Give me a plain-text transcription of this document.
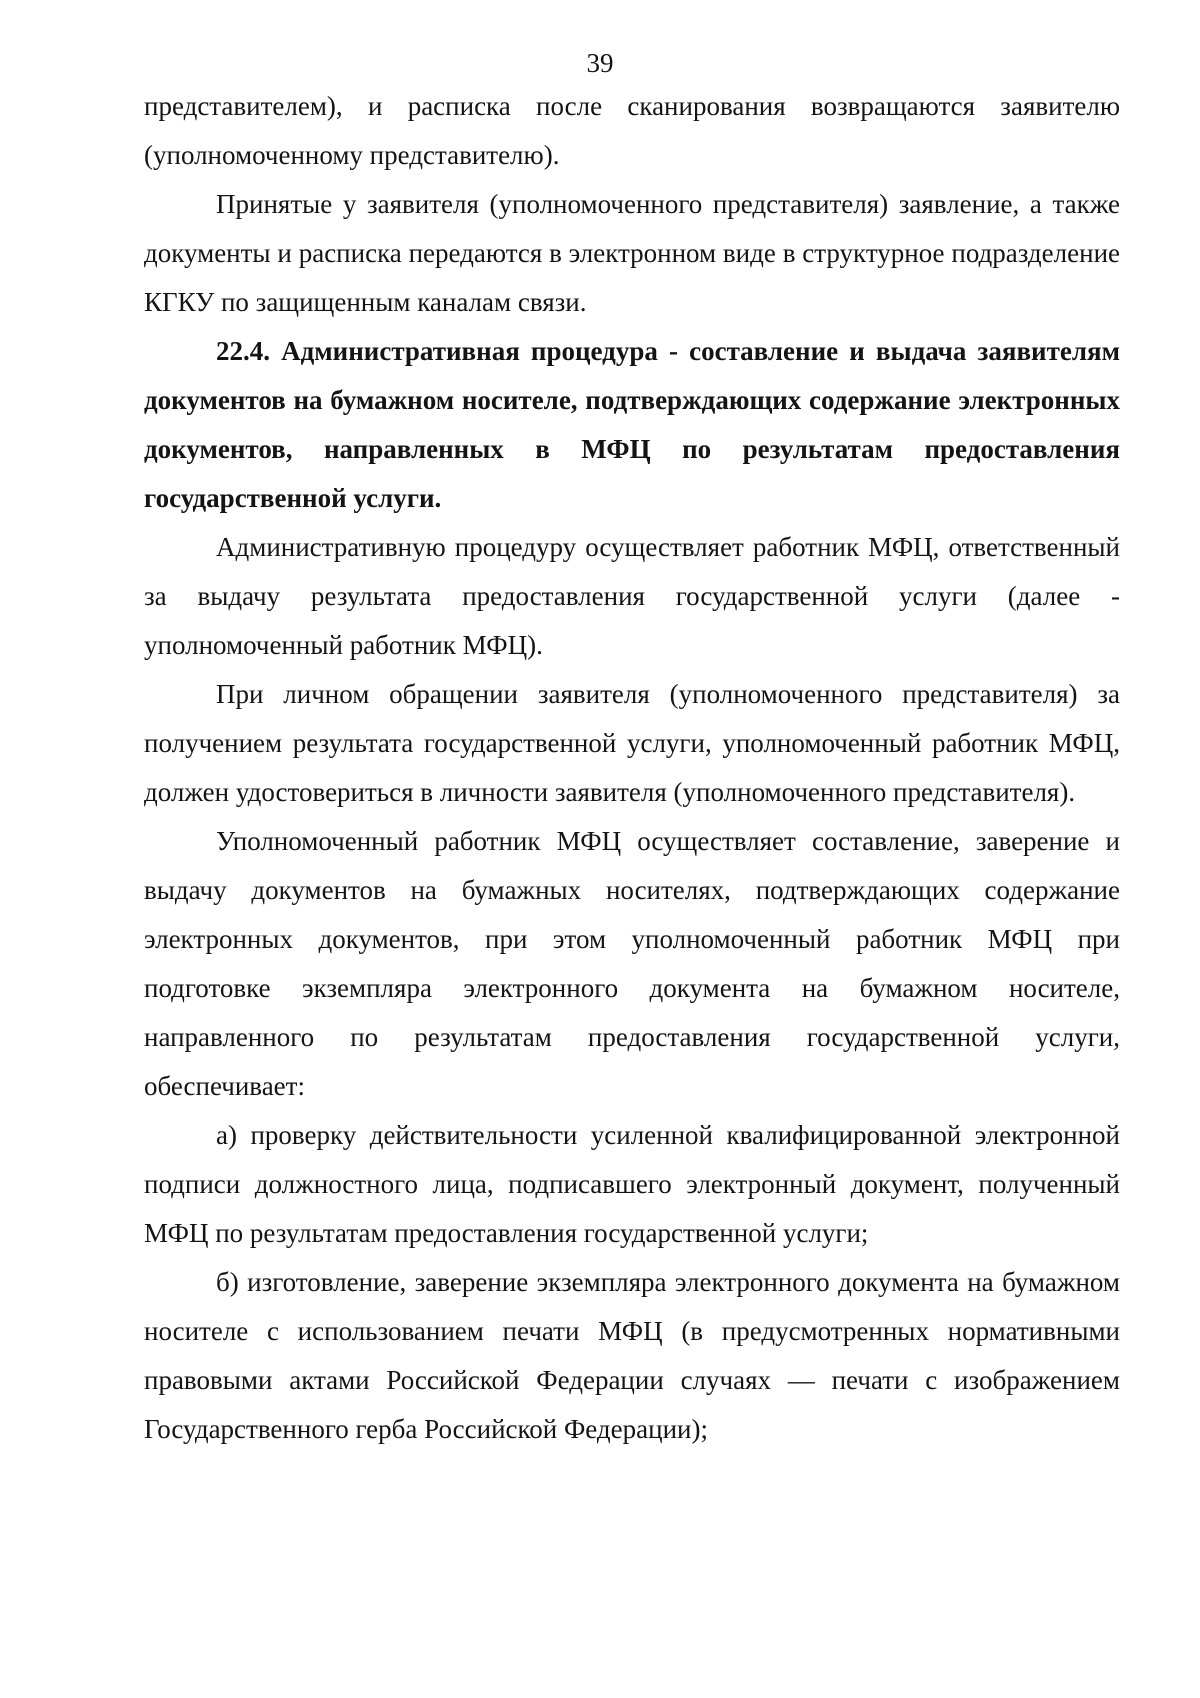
39

представителем), и расписка после сканирования возвращаются заявителю (уполномоченному представителю).

Принятые у заявителя (уполномоченного представителя) заявление, а также документы и расписка передаются в электронном виде в структурное подразделение КГКУ по защищенным каналам связи.

22.4. Административная процедура - составление и выдача заявителям документов на бумажном носителе, подтверждающих содержание электронных документов, направленных в МФЦ по результатам предоставления государственной услуги.

Административную процедуру осуществляет работник МФЦ, ответственный за выдачу результата предоставления государственной услуги (далее - уполномоченный работник МФЦ).

При личном обращении заявителя (уполномоченного представителя) за получением результата государственной услуги, уполномоченный работник МФЦ, должен удостовериться в личности заявителя (уполномоченного представителя).

Уполномоченный работник МФЦ осуществляет составление, заверение и выдачу документов на бумажных носителях, подтверждающих содержание электронных документов, при этом уполномоченный работник МФЦ при подготовке экземпляра электронного документа на бумажном носителе, направленного по результатам предоставления государственной услуги, обеспечивает:

а) проверку действительности усиленной квалифицированной электронной подписи должностного лица, подписавшего электронный документ, полученный МФЦ по результатам предоставления государственной услуги;

б) изготовление, заверение экземпляра электронного документа на бумажном носителе с использованием печати МФЦ (в предусмотренных нормативными правовыми актами Российской Федерации случаях — печати с изображением Государственного герба Российской Федерации);
